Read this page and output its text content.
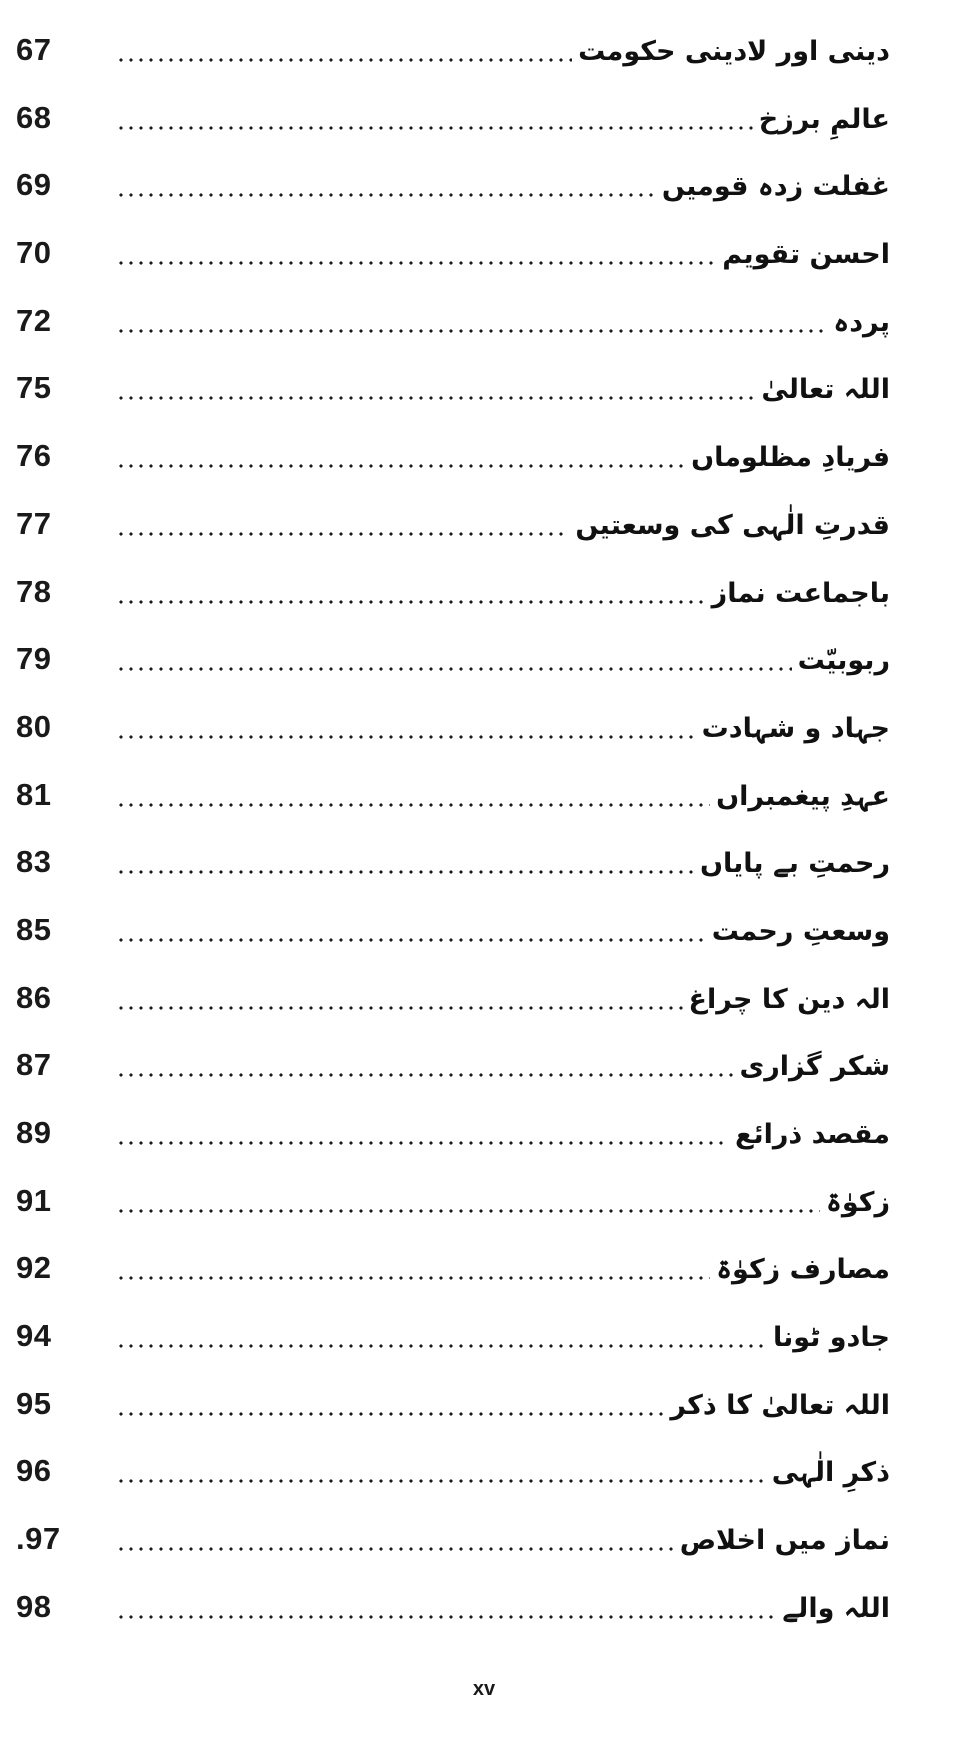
67	دینی اور لادینی حکومت
68	عالمِ برزخ
69	غفلت زدہ قومیں
70	احسن تقویم
72	پردہ
75	اللہ تعالیٰ
76	فریادِ مظلوماں
77	قدرتِ الٰہی کی وسعتیں
78	باجماعت نماز
79	ربوبیّت
80	جہاد و شہادت
81	عہدِ پیغمبراں
83	رحمتِ بے پایاں
85	وسعتِ رحمت
86	الہ دین کا چراغ
87	شکر گزاری
89	مقصد ذرائع
91	زکوٰۃ
92	مصارف زکوٰۃ
94	جادو ٹونا
95	اللہ تعالیٰ کا ذکر
96	ذکرِ الٰہی
.97	نماز میں اخلاص
98	اللہ والے
xv
